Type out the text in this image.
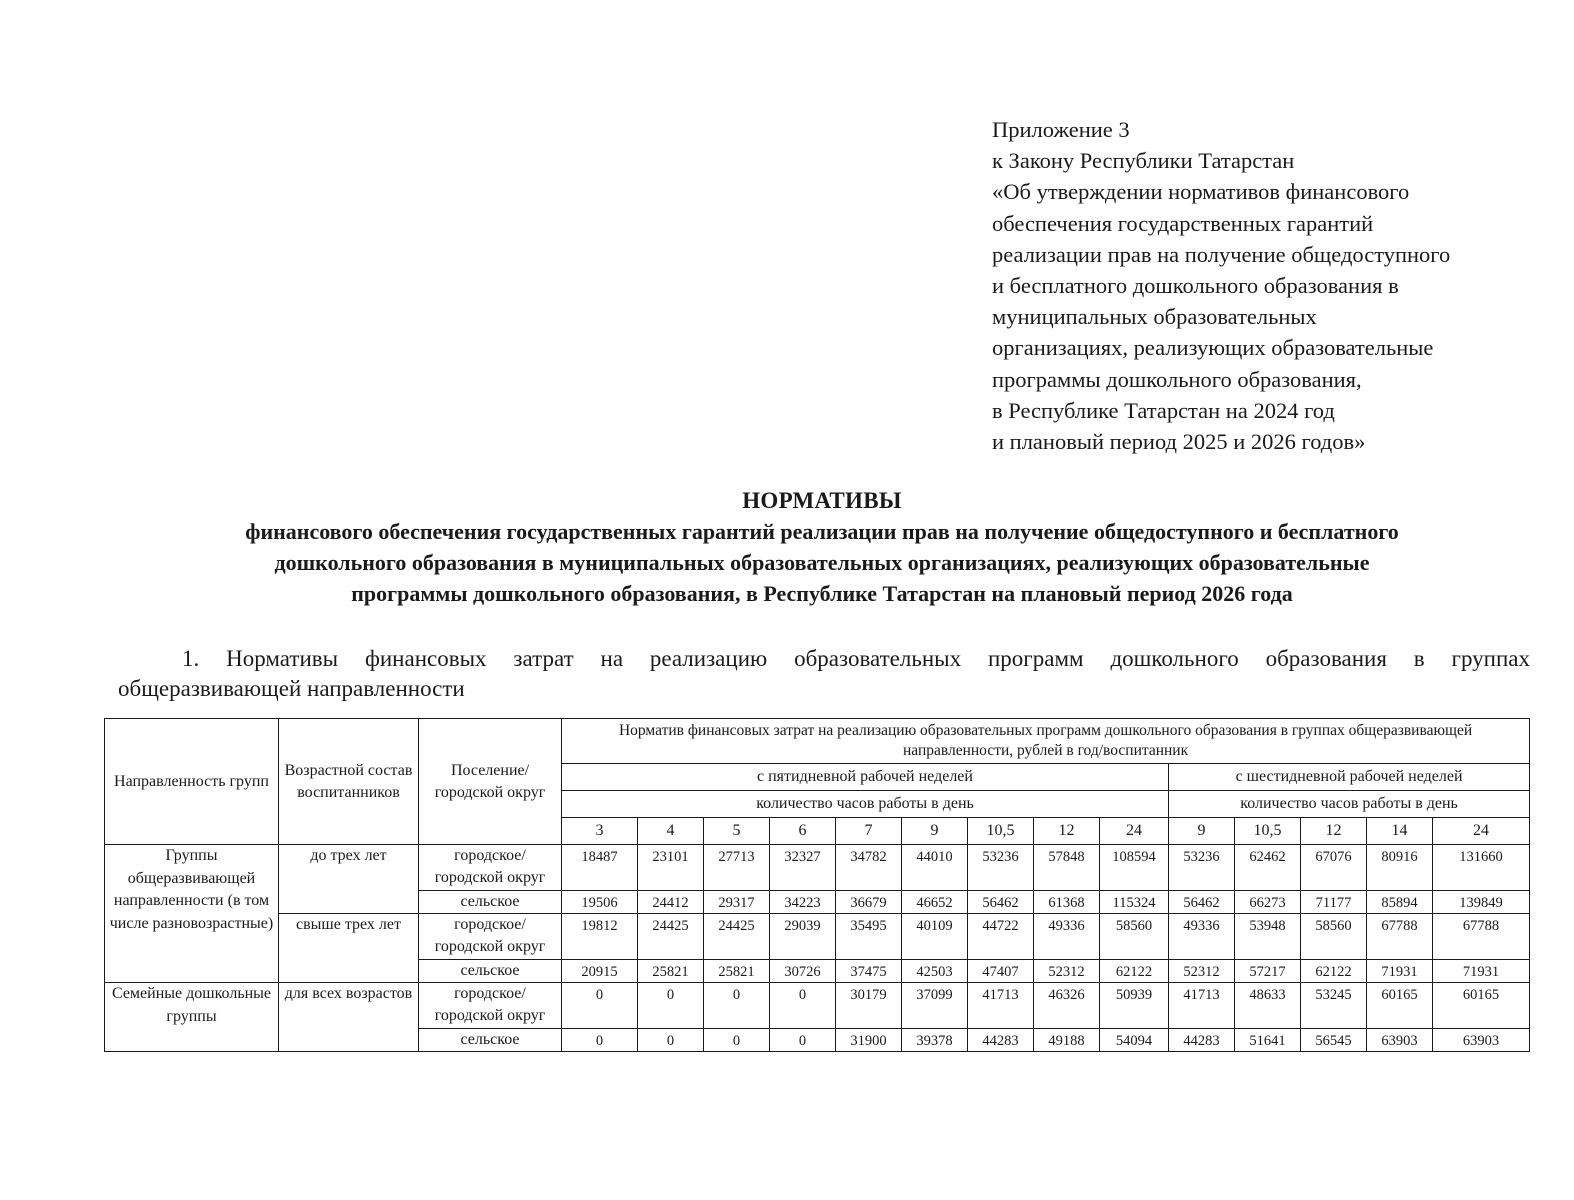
Приложение 3
к Закону Республики Татарстан
«Об утверждении нормативов финансового
обеспечения государственных гарантий
реализации прав на получение общедоступного
и бесплатного дошкольного образования в
муниципальных образовательных
организациях, реализующих образовательные
программы дошкольного образования,
в Республике Татарстан на 2024 год
и плановый период 2025 и 2026 годов»
НОРМАТИВЫ
финансового обеспечения государственных гарантий реализации прав на получение общедоступного и бесплатного
дошкольного образования в муниципальных образовательных организациях, реализующих образовательные
программы дошкольного образования, в Республике Татарстан на плановый период 2026 года
1. Нормативы финансовых затрат на реализацию образовательных программ дошкольного образования в группах
общеразвивающей направленности
Направленность групп	Возрастной состав воспитанников	Поселение/ городской округ	Норматив финансовых затрат на реализацию образовательных программ дошкольного образования в группах общеразвивающей направленности, рублей в год/воспитанник													
			с пятидневной рабочей неделей									с шестидневной рабочей неделей				
			количество часов работы в день									количество часов работы в день				
			3	4	5	6	7	9	10,5	12	24	9	10,5	12	14	24
Группы общеразвивающей направленности (в том числе разновозрастные)	до трех лет	городское/ городской округ	18487	23101	27713	32327	34782	44010	53236	57848	108594	53236	62462	67076	80916	131660
		сельское	19506	24412	29317	34223	36679	46652	56462	61368	115324	56462	66273	71177	85894	139849
	свыше трех лет	городское/ городской округ	19812	24425	24425	29039	35495	40109	44722	49336	58560	49336	53948	58560	67788	67788
		сельское	20915	25821	25821	30726	37475	42503	47407	52312	62122	52312	57217	62122	71931	71931
Семейные дошкольные группы	для всех возрастов	городское/ городской округ	0	0	0	0	30179	37099	41713	46326	50939	41713	48633	53245	60165	60165
		сельское	0	0	0	0	31900	39378	44283	49188	54094	44283	51641	56545	63903	63903
